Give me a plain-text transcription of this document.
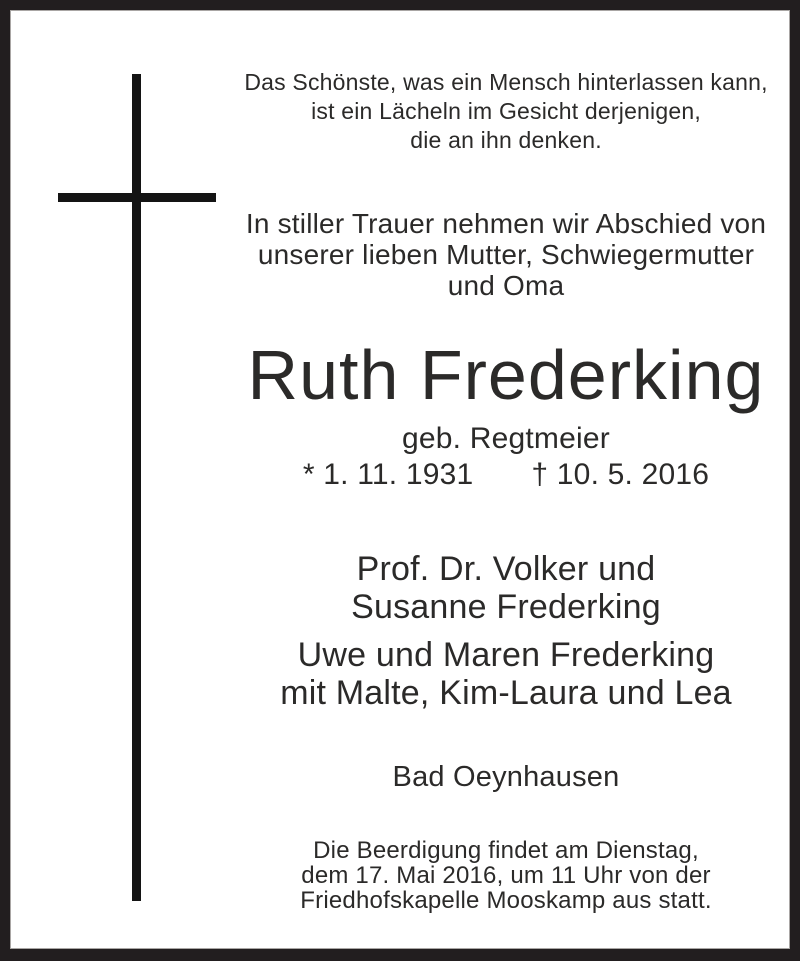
Das Schönste, was ein Mensch hinterlassen kann,
ist ein Lächeln im Gesicht derjenigen,
die an ihn denken.
In stiller Trauer nehmen wir Abschied von
unserer lieben Mutter, Schwiegermutter
und Oma
Ruth Frederking
geb. Regtmeier
* 1. 11. 1931 † 10. 5. 2016
Prof. Dr. Volker und
Susanne Frederking
Uwe und Maren Frederking
mit Malte, Kim-Laura und Lea
Bad Oeynhausen
Die Beerdigung findet am Dienstag,
dem 17. Mai 2016, um 11 Uhr von der
Friedhofskapelle Mooskamp aus statt.
